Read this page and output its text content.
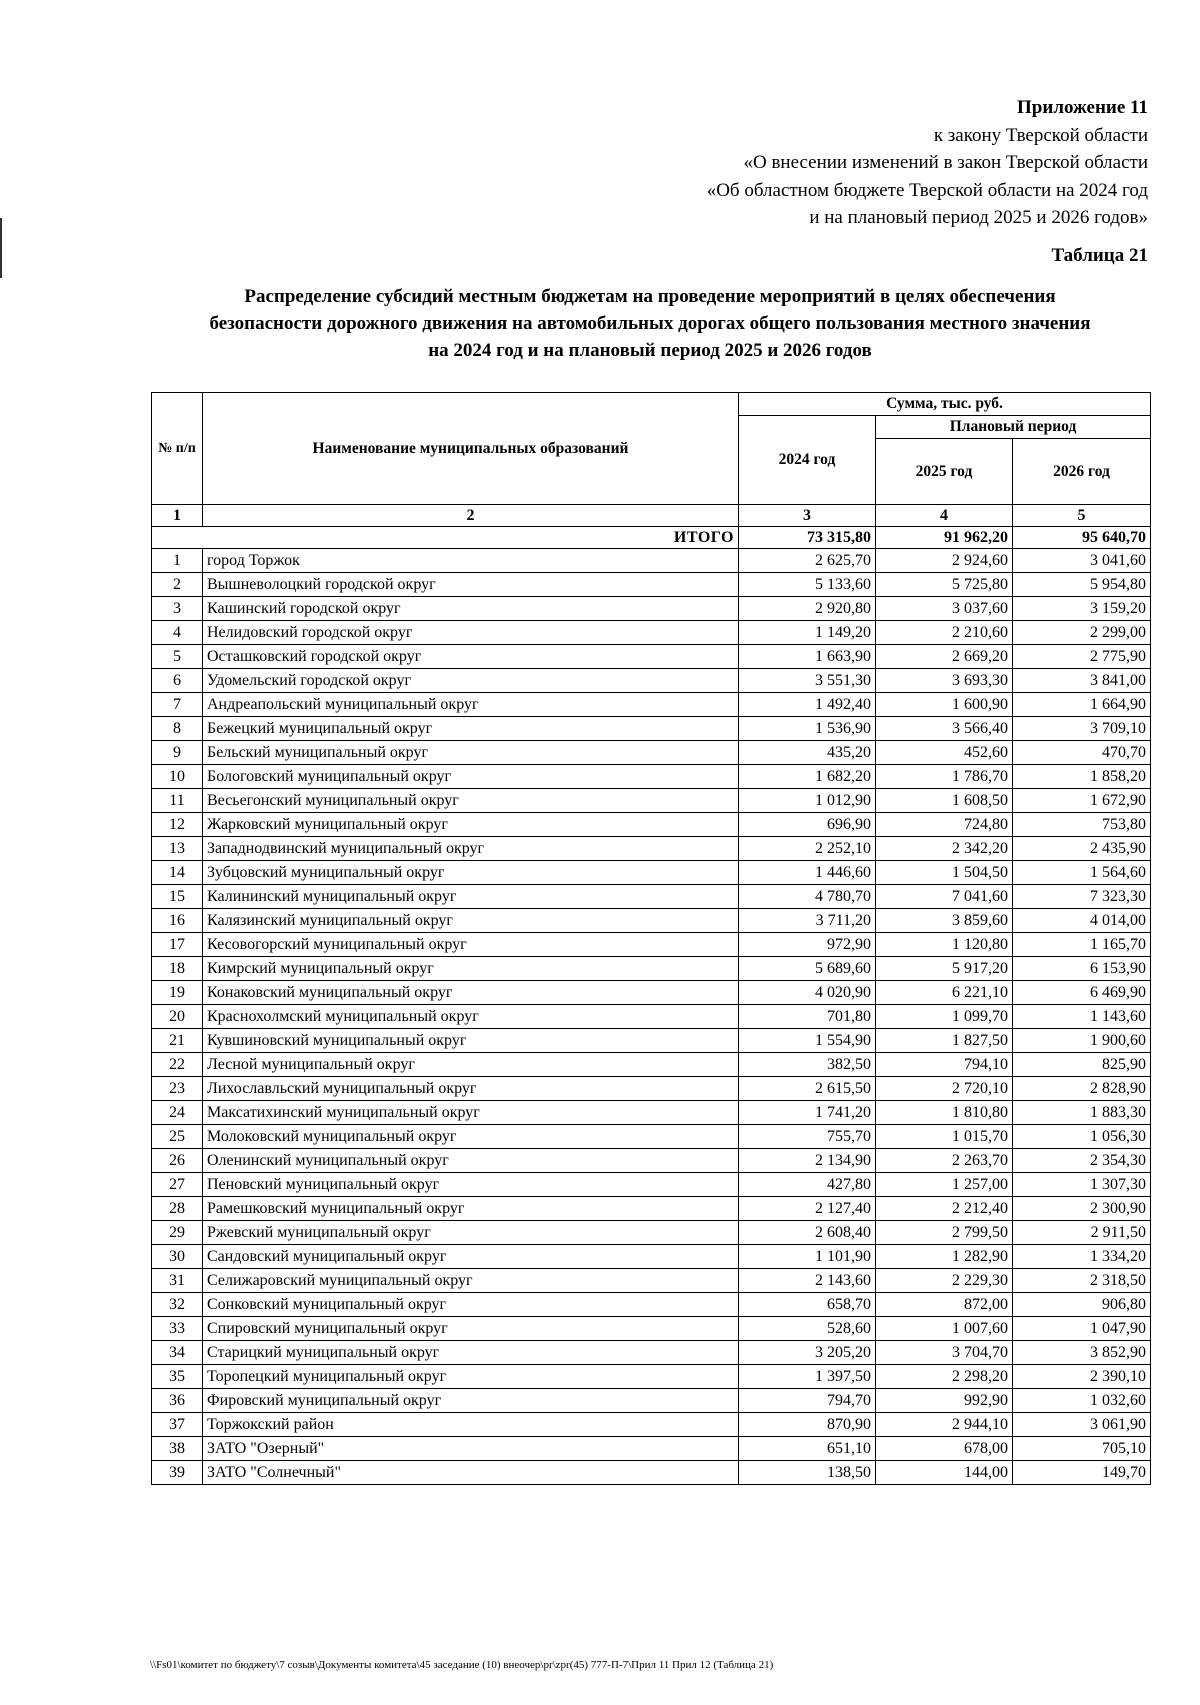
Приложение 11
к закону Тверской области
«О внесении изменений в закон Тверской области
«Об областном бюджете Тверской области на 2024 год
и на плановый период 2025 и 2026 годов»
Таблица 21
Распределение субсидий местным бюджетам на проведение мероприятий в целях обеспечения
безопасности дорожного движения на автомобильных дорогах общего пользования местного значения
на 2024 год и на плановый период 2025 и 2026 годов
№ п/п	Наименование муниципальных образований	Сумма, тыс. руб.		
		2024 год	Плановый период	
			2025 год	2026 год
1	2	3	4	5
ИТОГО		73 315,80	91 962,20	95 640,70
1	город Торжок	2 625,70	2 924,60	3 041,60
2	Вышневолоцкий городской округ	5 133,60	5 725,80	5 954,80
3	Кашинский городской округ	2 920,80	3 037,60	3 159,20
4	Нелидовский городской округ	1 149,20	2 210,60	2 299,00
5	Осташковский городской округ	1 663,90	2 669,20	2 775,90
6	Удомельский городской округ	3 551,30	3 693,30	3 841,00
7	Андреапольский муниципальный округ	1 492,40	1 600,90	1 664,90
8	Бежецкий муниципальный округ	1 536,90	3 566,40	3 709,10
9	Бельский муниципальный округ	435,20	452,60	470,70
10	Бологовский муниципальный округ	1 682,20	1 786,70	1 858,20
11	Весьегонский муниципальный округ	1 012,90	1 608,50	1 672,90
12	Жарковский муниципальный округ	696,90	724,80	753,80
13	Западнодвинский муниципальный округ	2 252,10	2 342,20	2 435,90
14	Зубцовский муниципальный округ	1 446,60	1 504,50	1 564,60
15	Калининский муниципальный округ	4 780,70	7 041,60	7 323,30
16	Калязинский муниципальный округ	3 711,20	3 859,60	4 014,00
17	Кесовогорский муниципальный округ	972,90	1 120,80	1 165,70
18	Кимрский муниципальный округ	5 689,60	5 917,20	6 153,90
19	Конаковский муниципальный округ	4 020,90	6 221,10	6 469,90
20	Краснохолмский муниципальный округ	701,80	1 099,70	1 143,60
21	Кувшиновский муниципальный округ	1 554,90	1 827,50	1 900,60
22	Лесной муниципальный округ	382,50	794,10	825,90
23	Лихославльский муниципальный округ	2 615,50	2 720,10	2 828,90
24	Максатихинский муниципальный округ	1 741,20	1 810,80	1 883,30
25	Молоковский муниципальный округ	755,70	1 015,70	1 056,30
26	Оленинский муниципальный округ	2 134,90	2 263,70	2 354,30
27	Пеновский муниципальный округ	427,80	1 257,00	1 307,30
28	Рамешковский муниципальный округ	2 127,40	2 212,40	2 300,90
29	Ржевский муниципальный округ	2 608,40	2 799,50	2 911,50
30	Сандовский муниципальный округ	1 101,90	1 282,90	1 334,20
31	Селижаровский муниципальный округ	2 143,60	2 229,30	2 318,50
32	Сонковский муниципальный округ	658,70	872,00	906,80
33	Спировский муниципальный округ	528,60	1 007,60	1 047,90
34	Старицкий муниципальный округ	3 205,20	3 704,70	3 852,90
35	Торопецкий муниципальный округ	1 397,50	2 298,20	2 390,10
36	Фировский муниципальный округ	794,70	992,90	1 032,60
37	Торжокский район	870,90	2 944,10	3 061,90
38	ЗАТО "Озерный"	651,10	678,00	705,10
39	ЗАТО "Солнечный"	138,50	144,00	149,70
\\Fs01\комитет по бюджету\7 созыв\Документы комитета\45 заседание (10) внеочер\pr\zpr(45) 777-П-7\Прил 11 Прил 12 (Таблица 21)
